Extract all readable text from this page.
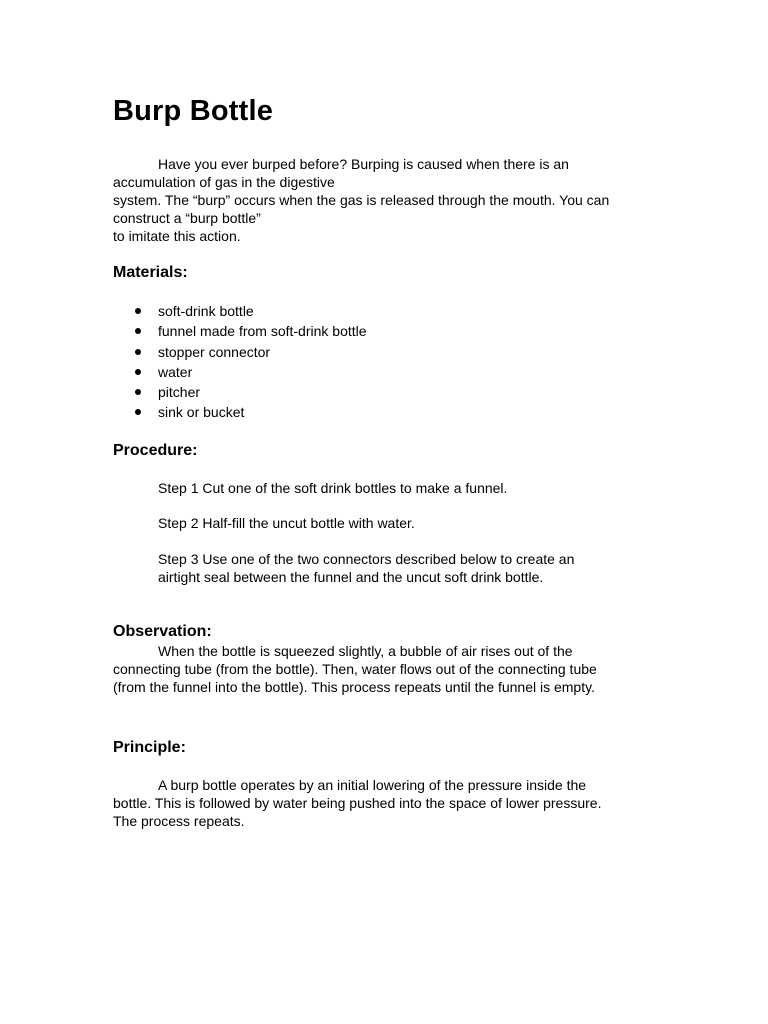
Burp Bottle
Have you ever burped before? Burping is caused when there is an
accumulation of gas in the digestive
system. The “burp” occurs when the gas is released through the mouth. You can
construct a “burp bottle”
to imitate this action.
Materials:
soft-drink bottle
funnel made from soft-drink bottle
stopper connector
water
pitcher
sink or bucket
Procedure:

Step 1 Cut one of the soft drink bottles to make a funnel.

Step 2 Half-fill the uncut bottle with water.

Step 3 Use one of the two connectors described below to create an
airtight seal between the funnel and the uncut soft drink bottle.

Observation:
When the bottle is squeezed slightly, a bubble of air rises out of the
connecting tube (from the bottle). Then, water flows out of the connecting tube
(from the funnel into the bottle). This process repeats until the funnel is empty.
Principle:
A burp bottle operates by an initial lowering of the pressure inside the
bottle. This is followed by water being pushed into the space of lower pressure.
The process repeats.
